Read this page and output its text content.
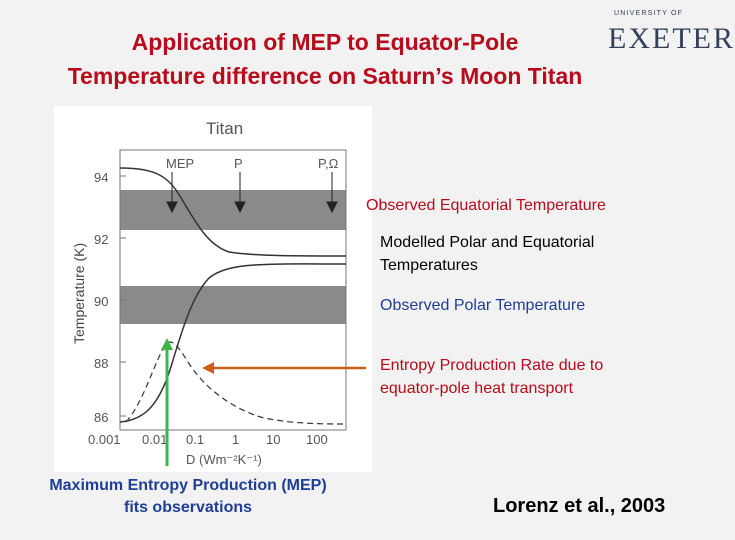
Application of MEP to Equator-Pole
Temperature difference on Saturn’s Moon Titan
UNIVERSITY OF
EXETER
Titan
Temperature (K)
86
88
90
92
94
0.001 0.01 0.1 1 10 100
D (Wm⁻²K⁻¹)
MEP	P	P,Ω
Observed Equatorial Temperature
Modelled Polar and Equatorial
Temperatures
Observed Polar Temperature
Entropy Production Rate due to
equator-pole heat transport
Maximum Entropy Production (MEP)
fits observations	Lorenz et al., 2003
